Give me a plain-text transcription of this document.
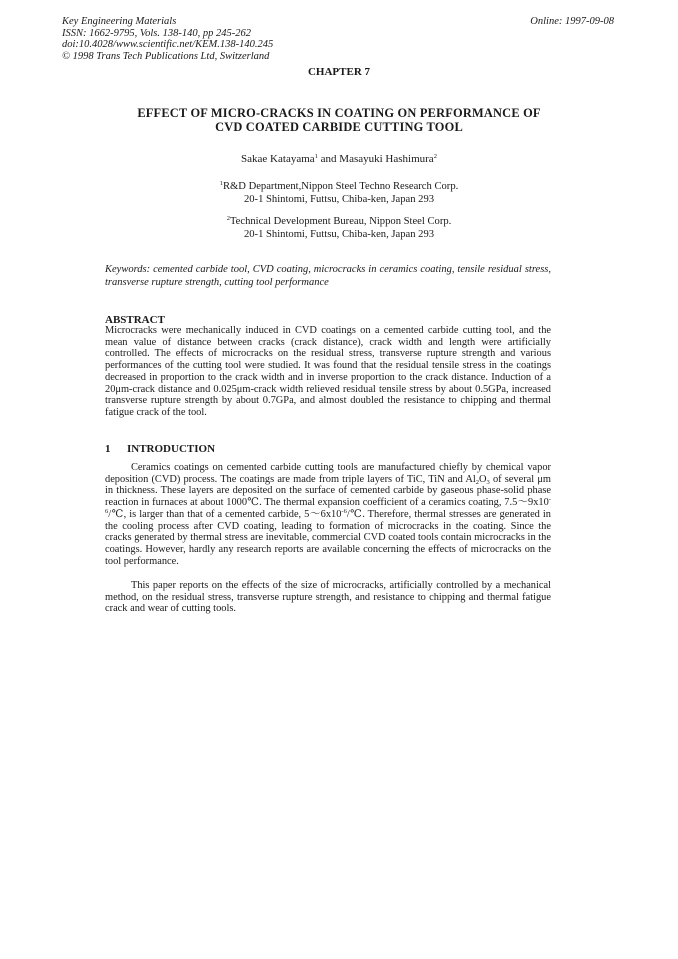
Key Engineering Materials
ISSN: 1662-9795, Vols. 138-140, pp 245-262
doi:10.4028/www.scientific.net/KEM.138-140.245
© 1998 Trans Tech Publications Ltd, Switzerland
Online: 1997-09-08
CHAPTER 7
EFFECT OF MICRO-CRACKS IN COATING ON PERFORMANCE OF
CVD COATED CARBIDE CUTTING TOOL
Sakae Katayama$^1$ and Masayuki Hashimura$^2$
$^1$R&D Department,Nippon Steel Techno Research Corp.
20-1 Shintomi, Futtsu, Chiba-ken, Japan 293
$^2$Technical Development Bureau, Nippon Steel Corp.
20-1 Shintomi, Futtsu, Chiba-ken, Japan 293
Keywords: cemented carbide tool, CVD coating, microcracks in ceramics coating, tensile residual stress, transverse rupture strength, cutting tool performance
ABSTRACT
Microcracks were mechanically induced in CVD coatings on a cemented carbide cutting tool, and the mean value of distance between cracks (crack distance), crack width and length were artificially controlled. The effects of microcracks on the residual stress, transverse rupture strength and various performances of the cutting tool were studied. It was found that the residual tensile stress in the coatings decreased in proportion to the crack width and in inverse proportion to the crack distance. Induction of a 20μm-crack distance and 0.025μm-crack width relieved residual tensile stress by about 0.5GPa, increased transverse rupture strength by about 0.7GPa, and almost doubled the resistance to chipping and thermal fatigue crack of the tool.
1 INTRODUCTION
Ceramics coatings on cemented carbide cutting tools are manufactured chiefly by chemical vapor deposition (CVD) process. The coatings are made from triple layers of TiC, TiN and $Al_2O_3$ of several μm in thickness. These layers are deposited on the surface of cemented carbide by gaseous phase-solid phase reaction in furnaces at about 1000℃. The thermal expansion coefficient of a ceramics coating, $7.5\sim 9x10^{-6}/℃$, is larger than that of a cemented carbide, $5\sim 6x10^{-6}/℃$. Therefore, thermal stresses are generated in the cooling process after CVD coating, leading to formation of microcracks in the coating. Since the cracks generated by thermal stress are inevitable, commercial CVD coated tools contain microcracks in the coatings. However, hardly any research reports are available concerning the effects of microcracks on the tool performance.
This paper reports on the effects of the size of microcracks, artificially controlled by a mechanical method, on the residual stress, transverse rupture strength, and resistance to chipping and thermal fatigue crack and wear of cutting tools.
